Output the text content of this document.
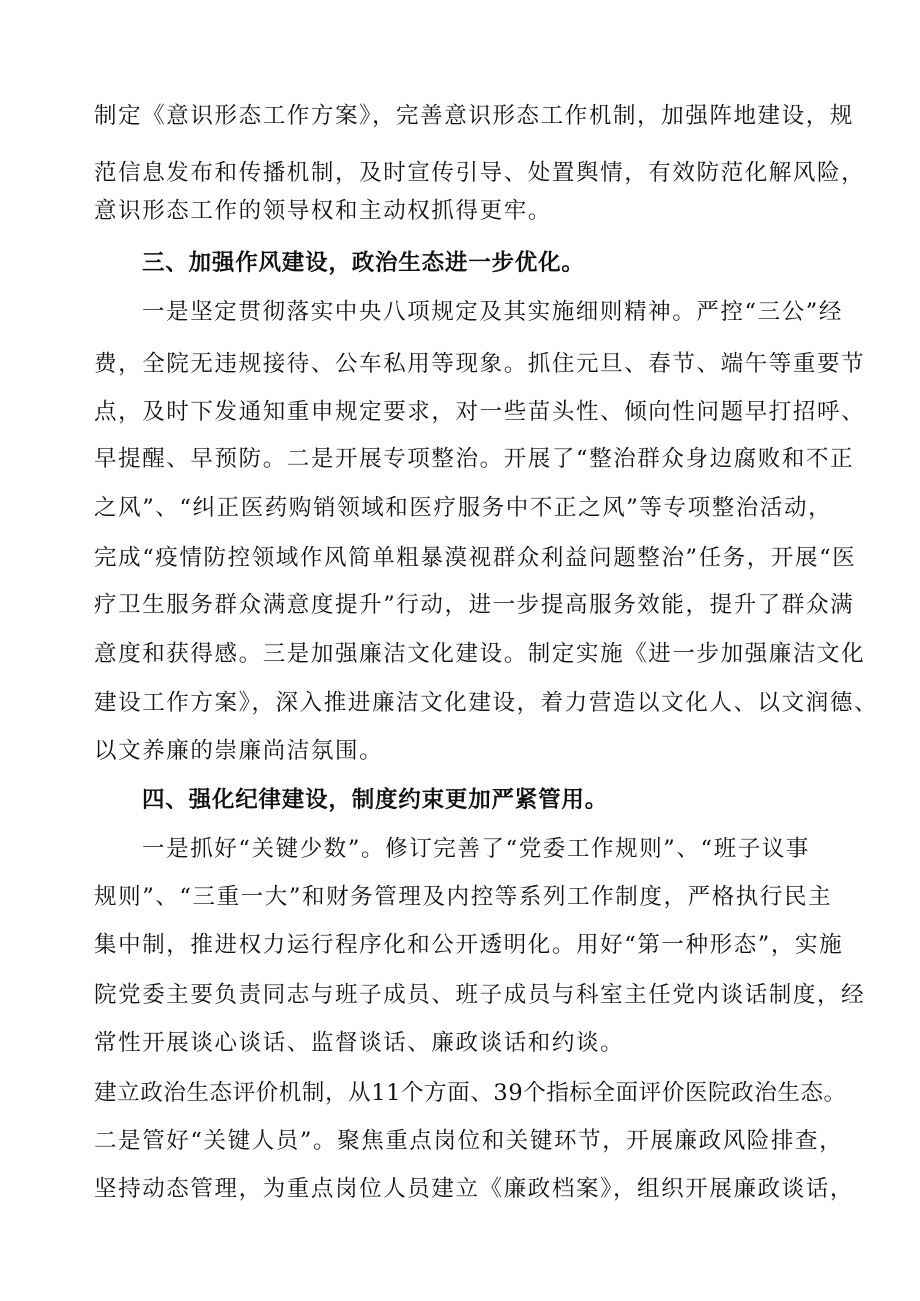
制定《意识形态工作方案》，完善意识形态工作机制，加强阵地建设，规
范信息发布和传播机制，及时宣传引导、处置舆情，有效防范化解风险，
意识形态工作的领导权和主动权抓得更牢。
三、加强作风建设，政治生态进一步优化。
一是坚定贯彻落实中央八项规定及其实施细则精神。严控“三公”经
费，全院无违规接待、公车私用等现象。抓住元旦、春节、端午等重要节
点，及时下发通知重申规定要求，对一些苗头性、倾向性问题早打招呼、
早提醒、早预防。二是开展专项整治。开展了“整治群众身边腐败和不正
之风”、“纠正医药购销领域和医疗服务中不正之风”等专项整治活动，
完成“疫情防控领域作风简单粗暴漠视群众利益问题整治”任务，开展“医
疗卫生服务群众满意度提升”行动，进一步提高服务效能，提升了群众满
意度和获得感。三是加强廉洁文化建设。制定实施《进一步加强廉洁文化
建设工作方案》，深入推进廉洁文化建设，着力营造以文化人、以文润德、
以文养廉的崇廉尚洁氛围。
四、强化纪律建设，制度约束更加严紧管用。
一是抓好“关键少数”。修订完善了“党委工作规则”、“班子议事
规则”、“三重一大”和财务管理及内控等系列工作制度，严格执行民主
集中制，推进权力运行程序化和公开透明化。用好“第一种形态”，实施
院党委主要负责同志与班子成员、班子成员与科室主任党内谈话制度，经
常性开展谈心谈话、监督谈话、廉政谈话和约谈。
建立政治生态评价机制，从11个方面、39个指标全面评价医院政治生态。
二是管好“关键人员”。聚焦重点岗位和关键环节，开展廉政风险排查，
坚持动态管理，为重点岗位人员建立《廉政档案》，组织开展廉政谈话，
